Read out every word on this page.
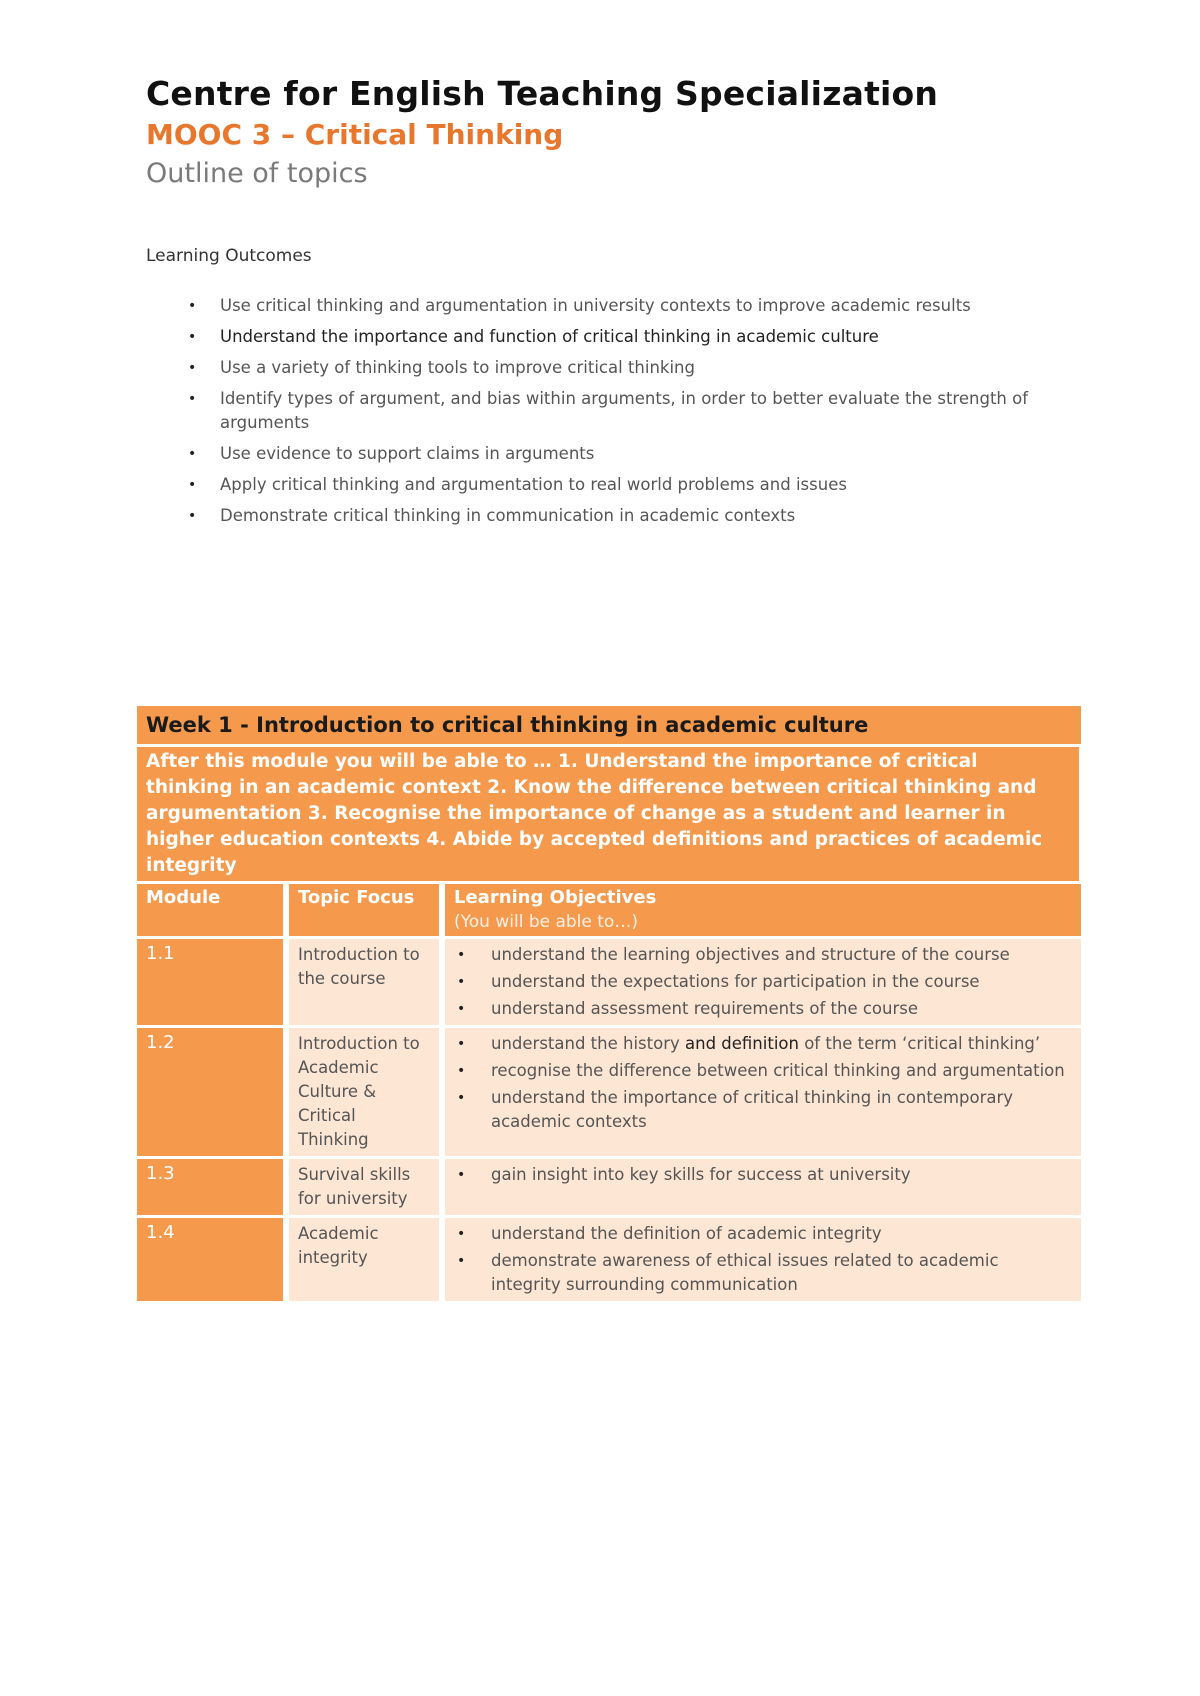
Centre for English Teaching Specialization
MOOC 3 – Critical Thinking
Outline of topics

Learning Outcomes

• Use critical thinking and argumentation in university contexts to improve academic results
• Understand the importance and function of critical thinking in academic culture
• Use a variety of thinking tools to improve critical thinking
• Identify types of argument, and bias within arguments, in order to better evaluate the strength of arguments
• Use evidence to support claims in arguments
• Apply critical thinking and argumentation to real world problems and issues
• Demonstrate critical thinking in communication in academic contexts
Week 1 - Introduction to critical thinking in academic culture
After this module you will be able to … 1. Understand the importance of critical thinking in an academic context 2. Know the difference between critical thinking and argumentation 3. Recognise the importance of change as a student and learner in higher education contexts 4. Abide by accepted definitions and practices of academic integrity
Module	Topic Focus	Learning Objectives
(You will be able to…)
1.1	Introduction to the course
• understand the learning objectives and structure of the course
• understand the expectations for participation in the course
• understand assessment requirements of the course
1.2	Introduction to Academic Culture & Critical Thinking
• understand the history and definition of the term ‘critical thinking’
• recognise the difference between critical thinking and argumentation
• understand the importance of critical thinking in contemporary academic contexts
1.3	Survival skills for university
• gain insight into key skills for success at university
1.4	Academic integrity
• understand the definition of academic integrity
• demonstrate awareness of ethical issues related to academic integrity surrounding communication
